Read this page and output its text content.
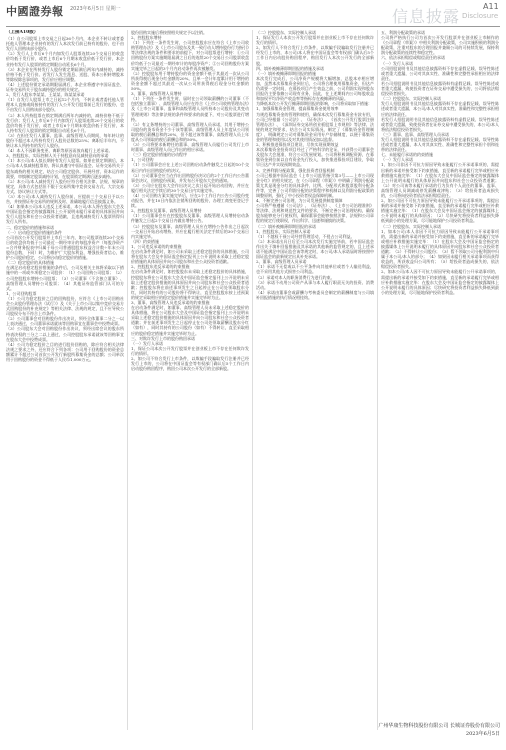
中國證券報 2023年6月5日 星期一	信息披露
A11
Disclosure

（上接A10版）

（1）自公司股票上市交易之日起36个月内，本企业不转让或者委托他人管理本企业持有的发行人本次发行前已持有的股份，也不由发行人回购该部分股份。

（2）发行人上市后6个月内如发行人股票连续20个交易日的收盘价均低于发行价，或者上市后6个月期末收盘价低于发行价，本企业持有发行人股票的锁定期限自动延长6个月。

（3）本企业在所持发行人股份锁定期届满后两年内减持的，减持价格不低于发行价。若发行人发生派息、送股、资本公积转增股本等除权除息事项的，发行价应相应调整。

（4）上述股份锁定承诺期限届满后，本企业将遵守中国证监会、证券交易所关于股东减持股份的相关规定。

2、发行人股东李某某、王某某、陈某某承诺

（1）自发行人股票上市之日起12个月内，不转让或者委托他人管理本人直接或间接持有的发行人公开发行股票前已发行的股份，也不由发行人回购该部分股份。

（2）本人所持股票在锁定期满后两年内减持的，减持价格不低于发行价；发行人上市后6个月内如发行人股票连续20个交易日的收盘价均低于发行价，或者上市后6个月期末收盘价低于发行价，本人持有发行人股票的锁定期限自动延长6个月。

（3）在担任发行人董事、监事、高级管理人员期间，每年转让的股份不超过本人所持有发行人股份总数的25%；离职后半年内，不转让本人所持有的发行人股份。

（4）本人不因职务变更、离职等原因而放弃履行上述承诺。

3、控股股东、实际控制人关于持股意向及减持意向的承诺

（1）本公司/本人拟长期持有发行人股票。如果在锁定期满后，本公司/本人拟减持股票的，将认真遵守中国证监会、证券交易所关于股东减持的相关规定，结合公司稳定股价、开展经营、资本运作的需要，审慎制定股票减持计划，在股票锁定期满后逐步减持。

（2）本公司/本人减持发行人股份应符合相关法律、法规、规章的规定，具体方式包括但不限于交易所集中竞价交易方式、大宗交易方式、协议转让方式等。

（3）本公司/本人减持发行人股份前，应提前三个交易日予以公告，并按照证券交易所的规则及时、准确地履行信息披露义务。

（4）如果本公司/本人违反上述承诺，本公司/本人将在股东大会及中国证监会指定的披露媒体上公开说明未履行承诺的具体原因并向发行人股东和社会公众投资者道歉，且违规减持发行人股票所得归发行人所有。

二、稳定股价的措施和承诺

（一）启动稳定股价措施的条件

公司首次公开发行股票并上市后三年内，如公司股票连续20个交易日的收盘价均低于公司最近一期经审计的每股净资产（每股净资产=合并财务报表中归属于母公司普通股股东权益合计数÷年末公司股份总数，下同）时，为维护广大股东利益，增强投资者信心，维护公司股价稳定，公司将启动稳定股价的措施。

（二）稳定股价的具体措施

在满足启动稳定股价措施的条件后，公司及相关主体将采取以下措施中的一项或多项稳定公司股价：（1）公司回购公司股票；（2）公司控股股东增持公司股票；（3）公司董事（不含独立董事）、高级管理人员增持公司股票；（4）其他证券监管部门认可的方式。

1、公司回购股票

（1）公司为稳定股价之目的回购股份，应符合《上市公司回购社会公众股份管理办法（试行）》及《关于上市公司以集中竞价交易方式回购股份的补充规定》等相关法律、法规的规定，且不应导致公司股权分布不符合上市条件。

（2）公司董事会对回购股份作出决议，须经全体董事二分之一以上表决通过，公司董事承诺就该等回购事宜在董事会中投赞成票。

（3）公司股东大会对回购股份作出决议，须经出席会议的股东所持表决权的三分之二以上通过，公司控股股东承诺就该等回购事宜在股东大会中投赞成票。

（4）公司为稳定股价之目的进行股份回购的，除应符合相关法律法规之要求之外，还应符合下列各项：公司用于回购股份的资金总额累计不超过公司首次公开发行新股所募集资金的总额；公司单次用于回购股份的资金不得低于人民币1,000万元。

股份回购实施后将按照相关规定予以注销。

2、控股股东增持

（1）下列任一条件发生时，公司控股股东应在符合《上市公司收购管理办法》及《上市公司股东及其一致行动人增持股份行为指引》等法律法规的条件和要求的前提下，对公司股票进行增持：①公司回购股份方案实施期限届满之日后的连续20个交易日公司股票收盘价均低于公司最近一期经审计的每股净资产；②公司回购股份方案实施完毕之日起的3个月内启动条件再次被触发。

（2）控股股东用于增持股份的资金金额不低于其最近一次从公司所获得税后现金分红金额的20%，且单一会计年度累计用于增持的资金金额不超过其最近一次从公司所获得税后现金分红金额的50%。

3、董事、高级管理人员增持

（1）下列任一条件发生时，届时在公司领取薪酬的公司董事（不包括独立董事）、高级管理人员应在符合《上市公司收购管理办法》及《上市公司董事、监事和高级管理人员所持本公司股份及其变动管理规则》等法律法规的条件和要求的前提下，对公司股票进行增持。

（2）有义务增持的公司董事、高级管理人员承诺，其用于增持公司股份的货币资金不少于该等董事、高级管理人员上年度从公司领取的税后薪酬总和的20%，但不超过该等董事、高级管理人员上年度从公司领取的税后薪酬总和的50%。

（3）公司将要求新聘任的董事、高级管理人员履行公司发行上市时董事、高级管理人员已作出的相应承诺。

（三）稳定股价措施的启动程序

1、公司回购

（1）公司董事会应在上述公司回购启动条件触发之日起的10个交易日内作出回购股份的决议。

（2）公司董事会应当在作出回购股份决议后的2个工作日内公告董事会决议、回购股份预案，并发布召开股东大会的通知。

（3）公司应在股东大会作出决议之次日起开始启动回购，并应在履行相关法定手续后的30个交易日内实施完毕。

（4）公司回购方案实施完毕后，应在2个工作日内公告公司股份变动报告，并在10日内依法注销所回购的股份，办理工商变更登记手续。

2、控股股东及董事、高级管理人员增持

（1）公司董事会应在控股股东及董事、高级管理人员增持启动条件触发之日起2个交易日内做出增持公告。

（2）控股股东及董事、高级管理人员应在增持公告作出之日起次一交易日开始启动增持，并应在履行相关法定手续后的30个交易日内实施完毕。

（四）约束措施

1、公司违反承诺的约束措施

在启动条件满足时，如公司未采取上述稳定股价的具体措施，公司将在股东大会及中国证监会指定报刊上公开说明未采取上述稳定股价措施的具体原因并向公司股东和社会公众投资者道歉。

2、控股股东违反承诺的约束措施

在启动条件满足时，如控股股东未采取上述稳定股价的具体措施，控股股东将在公司股东大会及中国证监会指定报刊上公开说明未采取上述稳定股价措施的具体原因并向公司股东和社会公众投资者道歉；控股股东将在前述事项发生之日起停止在公司处领取股东分红，同时其持有的公司股份将不得转让，直至控股股东按上述预案的规定采取相应的稳定股价措施并实施完毕时为止。

3、董事、高级管理人员违反承诺的约束措施

在启动条件满足时，如董事、高级管理人员未采取上述稳定股价的具体措施，将在公司股东大会及中国证监会指定报刊上公开说明未采取上述稳定股价措施的具体原因并向公司股东和社会公众投资者道歉；并在前述事项发生之日起停止在公司处领取薪酬及股东分红（如有），同时其持有的公司股份（如有）不得转让，直至采取相应的股价稳定措施并实施完毕时为止。

三、对欺诈发行上市的股份购回承诺

（一）发行人承诺

1、保证公司本次公开发行股票并在创业板上市不存在任何欺诈发行的情形。

2、如公司不符合发行上市条件，以欺骗手段骗取发行注册并已经发行上市的，公司将在中国证监会等有权部门确认后5个工作日内启动股份购回程序，购回公司本次公开发行的全部新股。

（二）控股股东、实际控制人承诺

1、保证发行人本次公开发行股票并在创业板上市不存在任何欺诈发行的情形。

2、如发行人不符合发行上市条件，以欺骗手段骗取发行注册并已经发行上市的，本公司/本人将在中国证监会等有权部门确认后5个工作日内启动股份购回程序，购回发行人本次公开发行的全部新股。

四、填补被摊薄即期回报的措施及承诺

（一）填补被摊薄即期回报的措施

本次发行完成后，公司净资产规模将大幅增加，总股本亦相应增加，虽然本次募集资金到位后，公司将合理使用募集资金，但达产仍需要一定时间，在募投项目产生效益之前，公司利润实现和股东回报仍主要依赖公司现有业务，因此，在上述期间内公司每股收益和加权平均净资产收益率等指标存在被摊薄的风险。

为降低本次公开发行摊薄即期回报的影响，公司将采取如下措施：

1、加强募集资金管理，提高募集资金使用效率

为规范募集资金的管理和使用，确保本次发行募集资金专款专用，公司已经根据《公司法》、《证券法》、《首次公开发行股票注册管理办法》、《深圳证券交易所创业板股票上市规则》等法律、法规的规定和要求，结合公司实际情况，制定了《募集资金管理制度》，明确规定公司对募集资金采用专户存储制度，以便于募集资金的管理和使用以及对其使用情况加以监督。

2、积极推进募投项目建设，尽快实现预期效益

本次募集资金投资项目经过了严格科学的论证，并获得公司董事会及股东大会批准，符合公司发展规划。公司将积极调配资源，在募集资金到位前以自有资金先行投入，加快推进募投项目建设，争取早日达产并实现预期效益。

3、完善利润分配政策，强化投资者回报机制

公司已根据中国证监会《上市公司监管指引第3号——上市公司现金分红》的相关规定，在《公司章程（草案）》中明确了利润分配政策尤其是现金分红的具体条件、比例、分配形式和股票股利分配条件等，完善了公司利润分配的决策程序和机制以及利润分配政策的调整原则，强化了中小投资者权益保障机制。

4、不断完善公司治理，为公司发展提供制度保障

公司将严格遵循《公司法》、《证券法》、《上市公司治理准则》等法律、法规和规范性文件的要求，不断完善公司治理结构，确保股东能够充分行使权利，确保董事会能够按照法律、法规和公司章程的规定行使职权，作出科学、迅速和谨慎的决策。

（二）填补被摊薄即期回报的承诺

1、控股股东、实际控制人承诺

（1）不越权干预公司经营管理活动，不侵占公司利益。

（2）本承诺出具日后至公司本次发行实施完毕前，若中国证监会作出关于填补回报措施及其承诺的其他新的监管规定的，且上述承诺不能满足中国证监会该等规定时，本公司/本人承诺届时将按照中国证监会的最新规定出具补充承诺。

2、董事、高级管理人员承诺

（1）承诺不无偿或以不公平条件向其他单位或者个人输送利益，也不采用其他方式损害公司利益。

（2）承诺对本人的职务消费行为进行约束。

（3）承诺不动用公司资产从事与本人履行职责无关的投资、消费活动。

（4）承诺由董事会或薪酬与考核委员会制定的薪酬制度与公司填补回报措施的执行情况相挂钩。

五、利润分配政策的承诺

公司将严格执行公司为首次公开发行股票并在创业板上市制作的《公司章程（草案）》中相关利润分配政策，公司实施积极的利润分配政策，注重对股东的合理回报并兼顾公司的可持续发展，保持利润分配政策的连续性和稳定性。

六、依法承担赔偿或赔偿责任的承诺

（一）发行人承诺

公司招股说明书及其他信息披露资料不存在虚假记载、误导性陈述或者重大遗漏，公司对其真实性、准确性和完整性承担相应的法律责任。

若公司招股说明书及其他信息披露资料有虚假记载、误导性陈述或者重大遗漏，致使投资者在证券交易中遭受损失的，公司将依法赔偿投资者损失。

（二）控股股东、实际控制人承诺

发行人招股说明书及其他信息披露资料不存在虚假记载、误导性陈述或者重大遗漏，本公司/本人对其真实性、准确性和完整性承担相应的法律责任。

若发行人招股说明书及其他信息披露资料有虚假记载、误导性陈述或者重大遗漏，致使投资者在证券交易中遭受损失的，本公司/本人将依法赔偿投资者损失。

（三）董事、监事、高级管理人员承诺

发行人招股说明书及其他信息披露资料不存在虚假记载、误导性陈述或者重大遗漏，本人对其真实性、准确性和完整性承担个别和连带的法律责任。

七、未能履行承诺的约束措施

（一）发行人承诺

1、如公司非因不可抗力原因导致未能履行公开承诺事项的，需提出新的承诺并接受如下约束措施，直至新的承诺履行完毕或相应补救措施实施完毕：（1）在股东大会及中国证监会指定的披露媒体上公开说明未履行的具体原因并向股东和社会公众投资者道歉；（2）对公司该等未履行承诺的行为负有个人责任的董事、监事、高级管理人员调减或停发薪酬或津贴；（3）给投资者造成损失的，公司将向投资者依法承担赔偿责任。

2、如公司因不可抗力原因导致未能履行公开承诺事项的，需提出新的承诺并接受如下约束措施，直至新的承诺履行完毕或相应补救措施实施完毕：（1）在股东大会及中国证监会指定的披露媒体上公开说明未履行的具体原因；（2）尽快研究将投资者利益损失降低到最小的处理方案，尽可能地保护公司投资者利益。

（二）控股股东、实际控制人承诺

1、如本公司/本人非因不可抗力原因导致未能履行公开承诺事项的，需提出新的承诺并接受如下约束措施，直至新的承诺履行完毕或相应补救措施实施完毕：（1）在股东大会及中国证监会指定的披露媒体上公开说明未履行的具体原因并向股东和社会公众投资者道歉；（2）不得转让公司股份；（3）暂不领取公司分配利润中归属于本公司/本人的部分；（4）如果因未履行相关承诺事项而获得收益的，所获收益归公司所有；（5）给投资者造成损失的，依法赔偿投资者损失。

2、如本公司/本人因不可抗力原因导致未能履行公开承诺事项的，需提出新的承诺并接受如下约束措施，直至新的承诺履行完毕或相应补救措施实施完毕：在股东大会及中国证监会指定的披露媒体上公开说明未履行的具体原因；尽快研究将投资者利益损失降低到最小的处理方案，尽可能地保护投资者利益。

广州华康生物科技股份有限公司 长城证券股份有限公司
2023年6月5日
